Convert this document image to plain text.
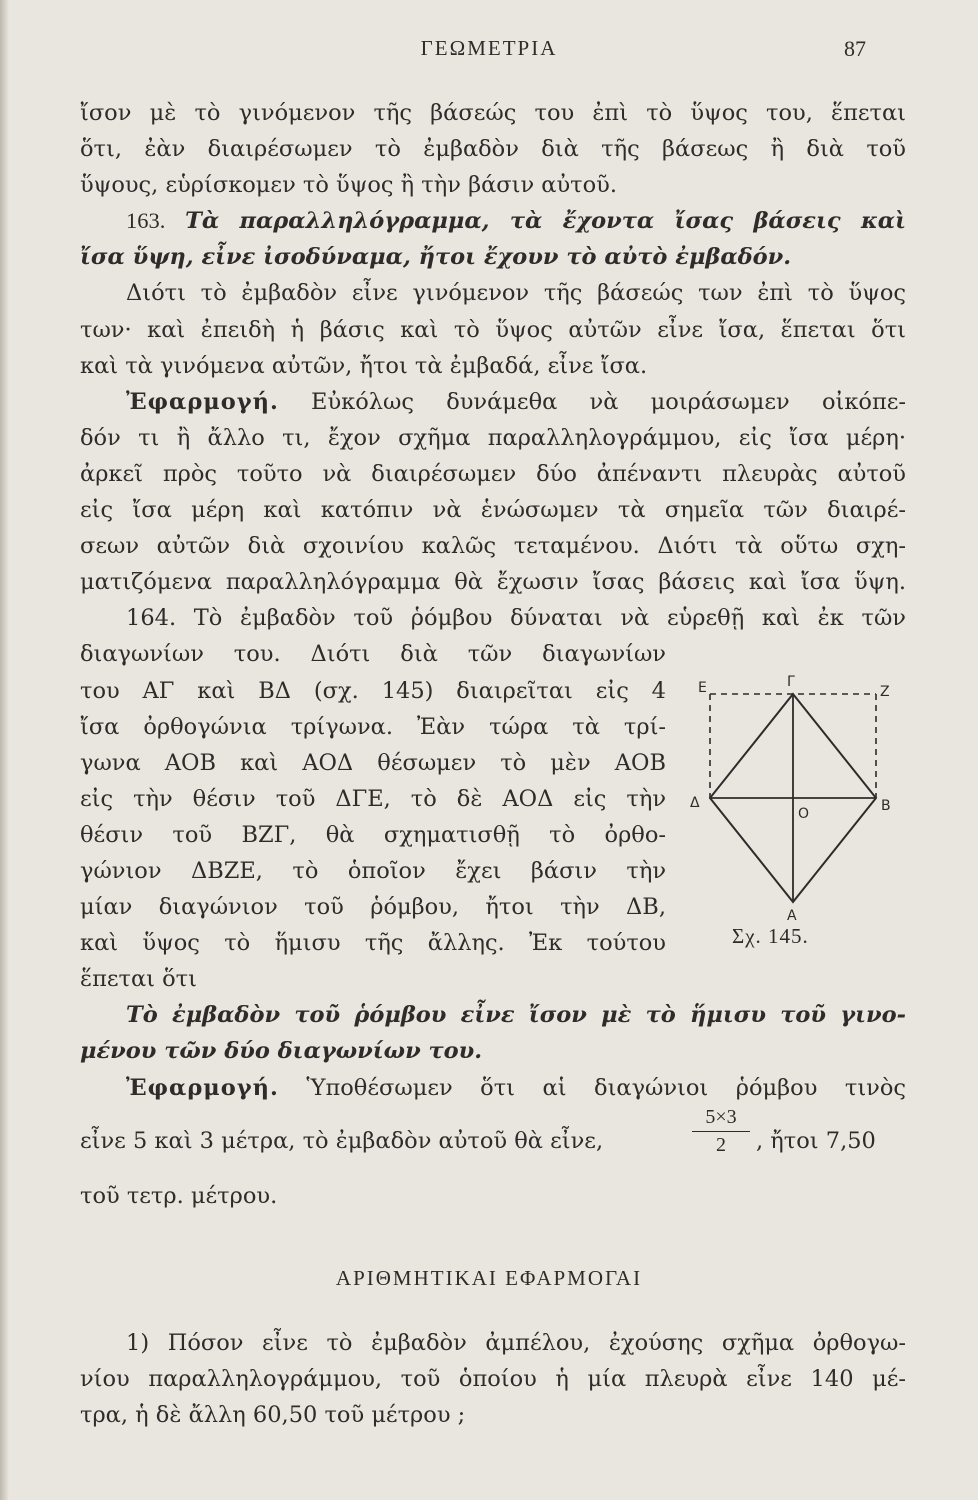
ΓΕΩΜΕΤΡΙΑ	87
ἴσον μὲ τὸ γινόμενον τῆς βάσεώς του ἐπὶ τὸ ὕψος του, ἕπεται
ὅτι, ἐὰν διαιρέσωμεν τὸ ἐμβαδὸν διὰ τῆς βάσεως ἢ διὰ τοῦ
ὕψους, εὑρίσκομεν τὸ ὕψος ἢ τὴν βάσιν αὐτοῦ.
163. Τὰ παραλληλόγραμμα, τὰ ἔχοντα ἴσας βάσεις καὶ
ἴσα ὕψη, εἶνε ἰσοδύναμα, ἤτοι ἔχουν τὸ αὐτὸ ἐμβαδόν.
Διότι τὸ ἐμβαδὸν εἶνε γινόμενον τῆς βάσεώς των ἐπὶ τὸ ὕψος
των· καὶ ἐπειδὴ ἡ βάσις καὶ τὸ ὕψος αὐτῶν εἶνε ἴσα, ἕπεται ὅτι
καὶ τὰ γινόμενα αὐτῶν, ἤτοι τὰ ἐμβαδά, εἶνε ἴσα.
Ἐφαρμογή. Εὐκόλως δυνάμεθα νὰ μοιράσωμεν οἰκόπε-
δόν τι ἢ ἄλλο τι, ἔχον σχῆμα παραλληλογράμμου, εἰς ἴσα μέρη·
ἀρκεῖ πρὸς τοῦτο νὰ διαιρέσωμεν δύο ἀπέναντι πλευρὰς αὐτοῦ
εἰς ἴσα μέρη καὶ κατόπιν νὰ ἑνώσωμεν τὰ σημεῖα τῶν διαιρέ-
σεων αὐτῶν διὰ σχοινίου καλῶς τεταμένου. Διότι τὰ οὕτω σχη-
ματιζόμενα παραλληλόγραμμα θὰ ἔχωσιν ἴσας βάσεις καὶ ἴσα ὕψη.
164. Τὸ ἐμβαδὸν τοῦ ῥόμβου δύναται νὰ εὑρεθῇ καὶ ἐκ τῶν
διαγωνίων του. Διότι διὰ τῶν διαγωνίων
του ΑΓ καὶ ΒΔ (σχ. 145) διαιρεῖται εἰς 4
ἴσα ὀρθογώνια τρίγωνα. Ἐὰν τώρα τὰ τρί-
γωνα ΑΟΒ καὶ ΑΟΔ θέσωμεν τὸ μὲν ΑΟΒ
εἰς τὴν θέσιν τοῦ ΔΓΕ, τὸ δὲ ΑΟΔ εἰς τὴν
θέσιν τοῦ ΒΖΓ, θὰ σχηματισθῇ τὸ ὀρθο-
γώνιον ΔΒΖΕ, τὸ ὁποῖον ἔχει βάσιν τὴν
μίαν διαγώνιον τοῦ ῥόμβου, ἤτοι τὴν ΔΒ,
καὶ ὕψος τὸ ἥμισυ τῆς ἄλλης. Ἐκ τούτου
ἕπεται ὅτι
Τὸ ἐμβαδὸν τοῦ ῥόμβου εἶνε ἴσον μὲ τὸ ἥμισυ τοῦ γινο-
μένου τῶν δύο διαγωνίων του.
Ἐφαρμογή. Ὑποθέσωμεν ὅτι αἱ διαγώνιοι ῥόμβου τινὸς
εἶνε 5 καὶ 3 μέτρα, τὸ ἐμβαδὸν αὐτοῦ θὰ εἶνε,	$\frac{5\times 3}{2}$ , ἤτοι 7,50
τοῦ τετρ. μέτρου.
Ε	Γ
Ζ
Δ
Ο	Β
Α
Σχ. 145.
ΑΡΙΘΜΗΤΙΚΑΙ ΕΦΑΡΜΟΓΑΙ
1) Πόσον εἶνε τὸ ἐμβαδὸν ἀμπέλου, ἐχούσης σχῆμα ὀρθογω-
νίου παραλληλογράμμου, τοῦ ὁποίου ἡ μία πλευρὰ εἶνε 140 μέ-
τρα, ἡ δὲ ἄλλη 60,50 τοῦ μέτρου ;
